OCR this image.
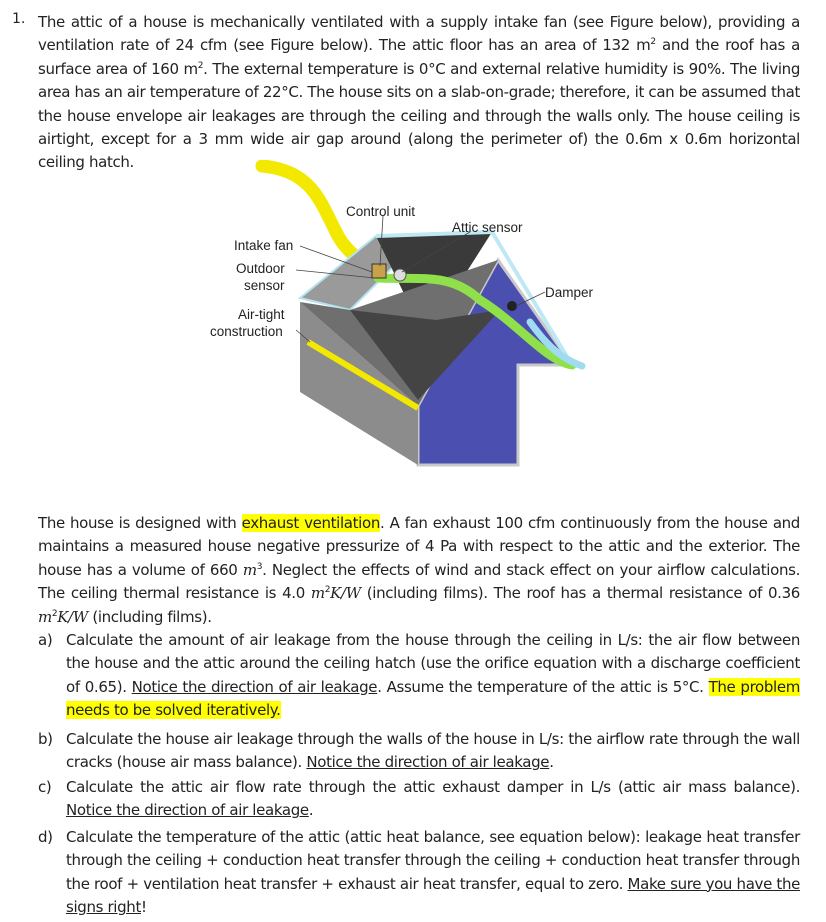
1. The attic of a house is mechanically ventilated with a supply intake fan (see Figure below), providing a ventilation rate of 24 cfm (see Figure below). The attic floor has an area of 132 $m^2$ and the roof has a surface area of 160 $m^2$. The external temperature is 0°C and external relative humidity is 90%. The living area has an air temperature of 22°C. The house sits on a slab-on-grade; therefore, it can be assumed that the house envelope air leakages are through the ceiling and through the walls only. The house ceiling is airtight, except for a 3 mm wide air gap around (along the perimeter of) the 0.6m x 0.6m horizontal ceiling hatch.
Control unit
Attic sensor
Intake fan
Outdoor
sensor	Damper
Air-tight
construction
The house is designed with exhaust ventilation. A fan exhaust 100 cfm continuously from the house and maintains a measured house negative pressurize of 4 Pa with respect to the attic and the exterior. The house has a volume of 660 $m^3$. Neglect the effects of wind and stack effect on your airflow calculations. The ceiling thermal resistance is 4.0 $m^2K/W$ (including films). The roof has a thermal resistance of 0.36 $m^2K/W$ (including films).
a) Calculate the amount of air leakage from the house through the ceiling in L/s: the air flow between the house and the attic around the ceiling hatch (use the orifice equation with a discharge coefficient of 0.65). Notice the direction of air leakage. Assume the temperature of the attic is 5°C. The problem needs to be solved iteratively.
b) Calculate the house air leakage through the walls of the house in L/s: the airflow rate through the wall cracks (house air mass balance). Notice the direction of air leakage.
c) Calculate the attic air flow rate through the attic exhaust damper in L/s (attic air mass balance). Notice the direction of air leakage.
d) Calculate the temperature of the attic (attic heat balance, see equation below): leakage heat transfer through the ceiling + conduction heat transfer through the ceiling + conduction heat transfer through the roof + ventilation heat transfer + exhaust air heat transfer, equal to zero. Make sure you have the signs right!
